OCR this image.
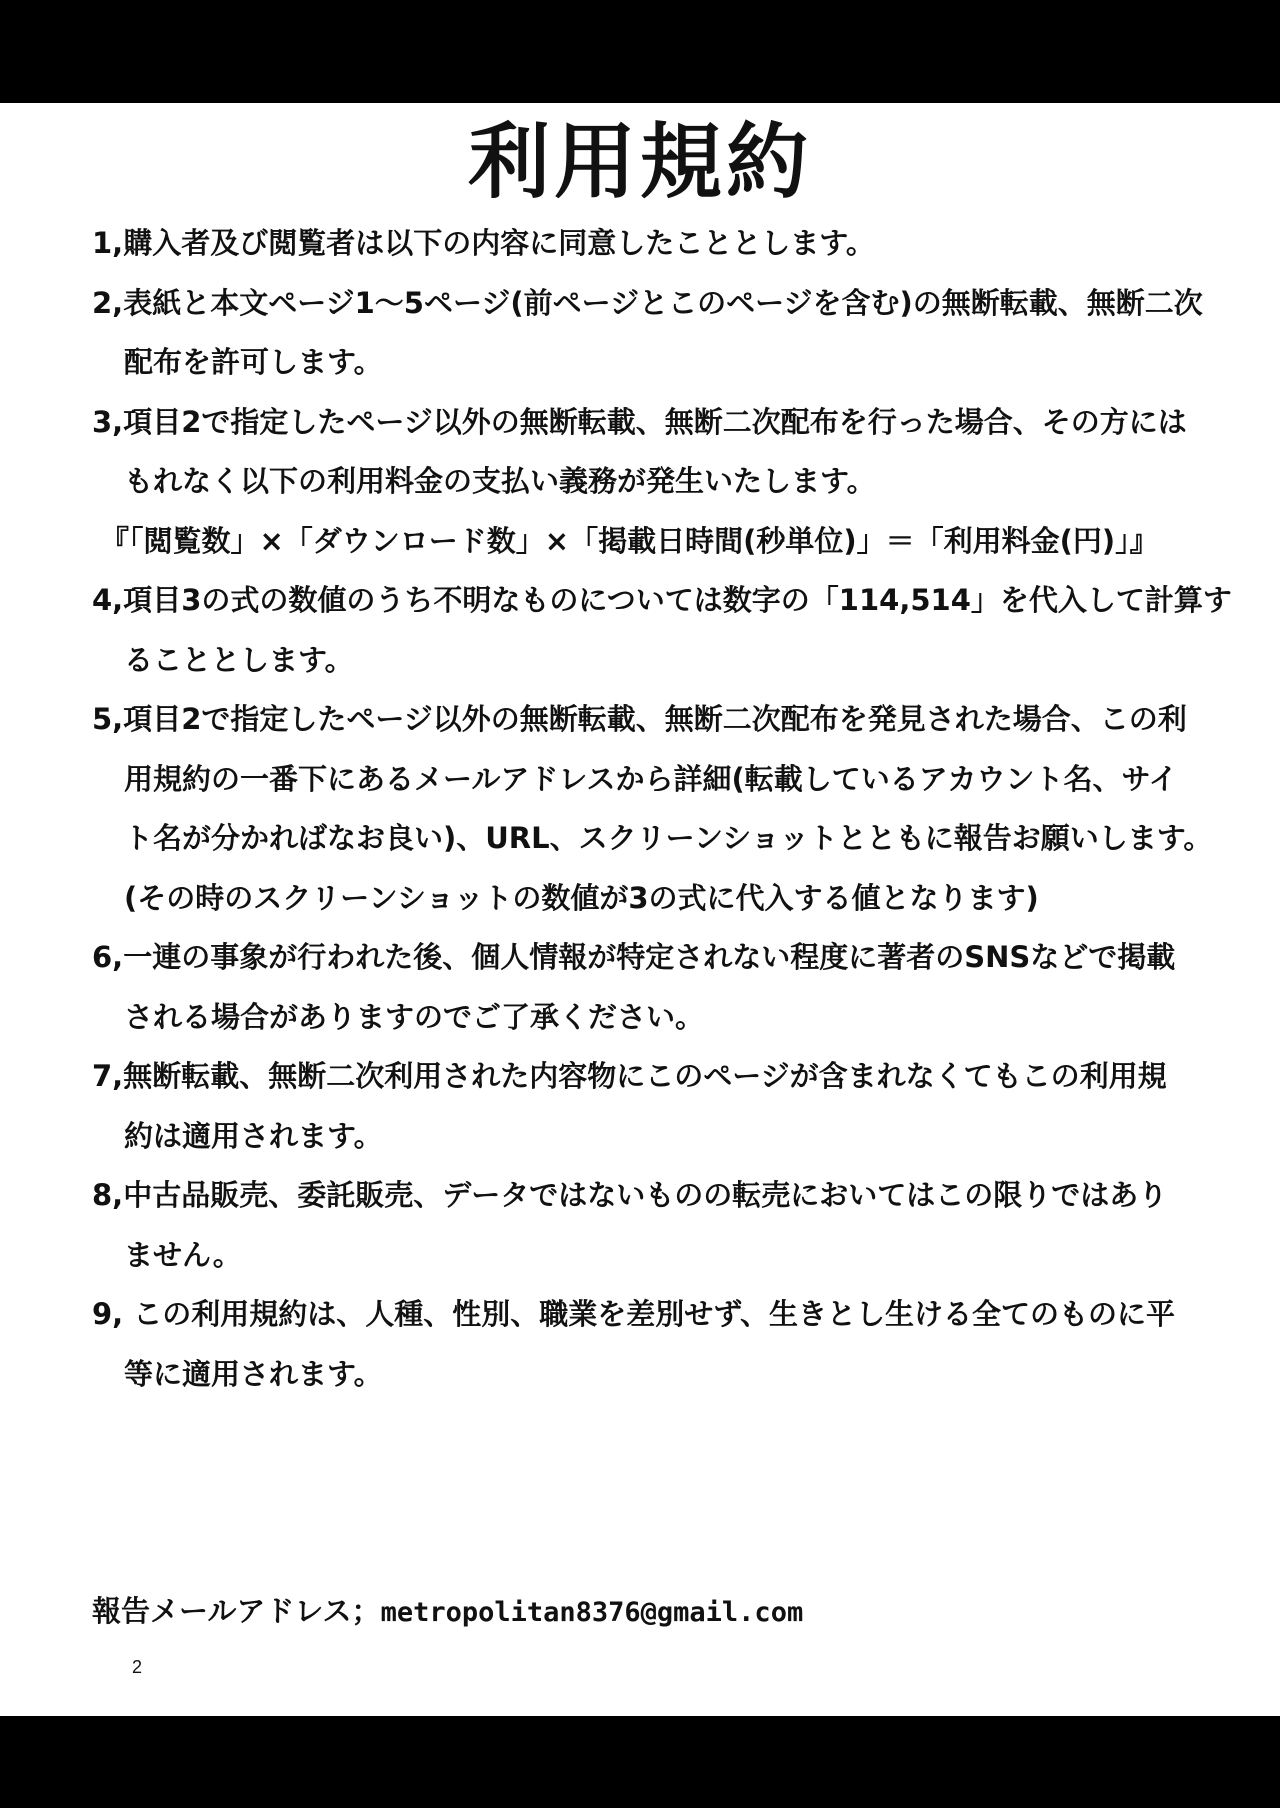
利用規約
1,購入者及び閲覧者は以下の内容に同意したこととします。
2,表紙と本文ページ1～5ページ(前ページとこのページを含む)の無断転載、無断二次
配布を許可します。
3,項目2で指定したページ以外の無断転載、無断二次配布を行った場合、その方には
もれなく以下の利用料金の支払い義務が発生いたします。
『「閲覧数」×「ダウンロード数」×「掲載日時間(秒単位)」＝「利用料金(円)」』
4,項目3の式の数値のうち不明なものについては数字の「114,514」を代入して計算す
ることとします。
5,項目2で指定したページ以外の無断転載、無断二次配布を発見された場合、この利
用規約の一番下にあるメールアドレスから詳細(転載しているアカウント名、サイ
ト名が分かればなお良い)、URL、スクリーンショットとともに報告お願いします。
(その時のスクリーンショットの数値が3の式に代入する値となります)
6,一連の事象が行われた後、個人情報が特定されない程度に著者のSNSなどで掲載
される場合がありますのでご了承ください。
7,無断転載、無断二次利用された内容物にこのページが含まれなくてもこの利用規
約は適用されます。
8,中古品販売、委託販売、データではないものの転売においてはこの限りではあり
ません。
9, この利用規約は、人種、性別、職業を差別せず、生きとし生ける全てのものに平
等に適用されます。
報告メールアドレス；metropolitan8376@gmail.com
2
